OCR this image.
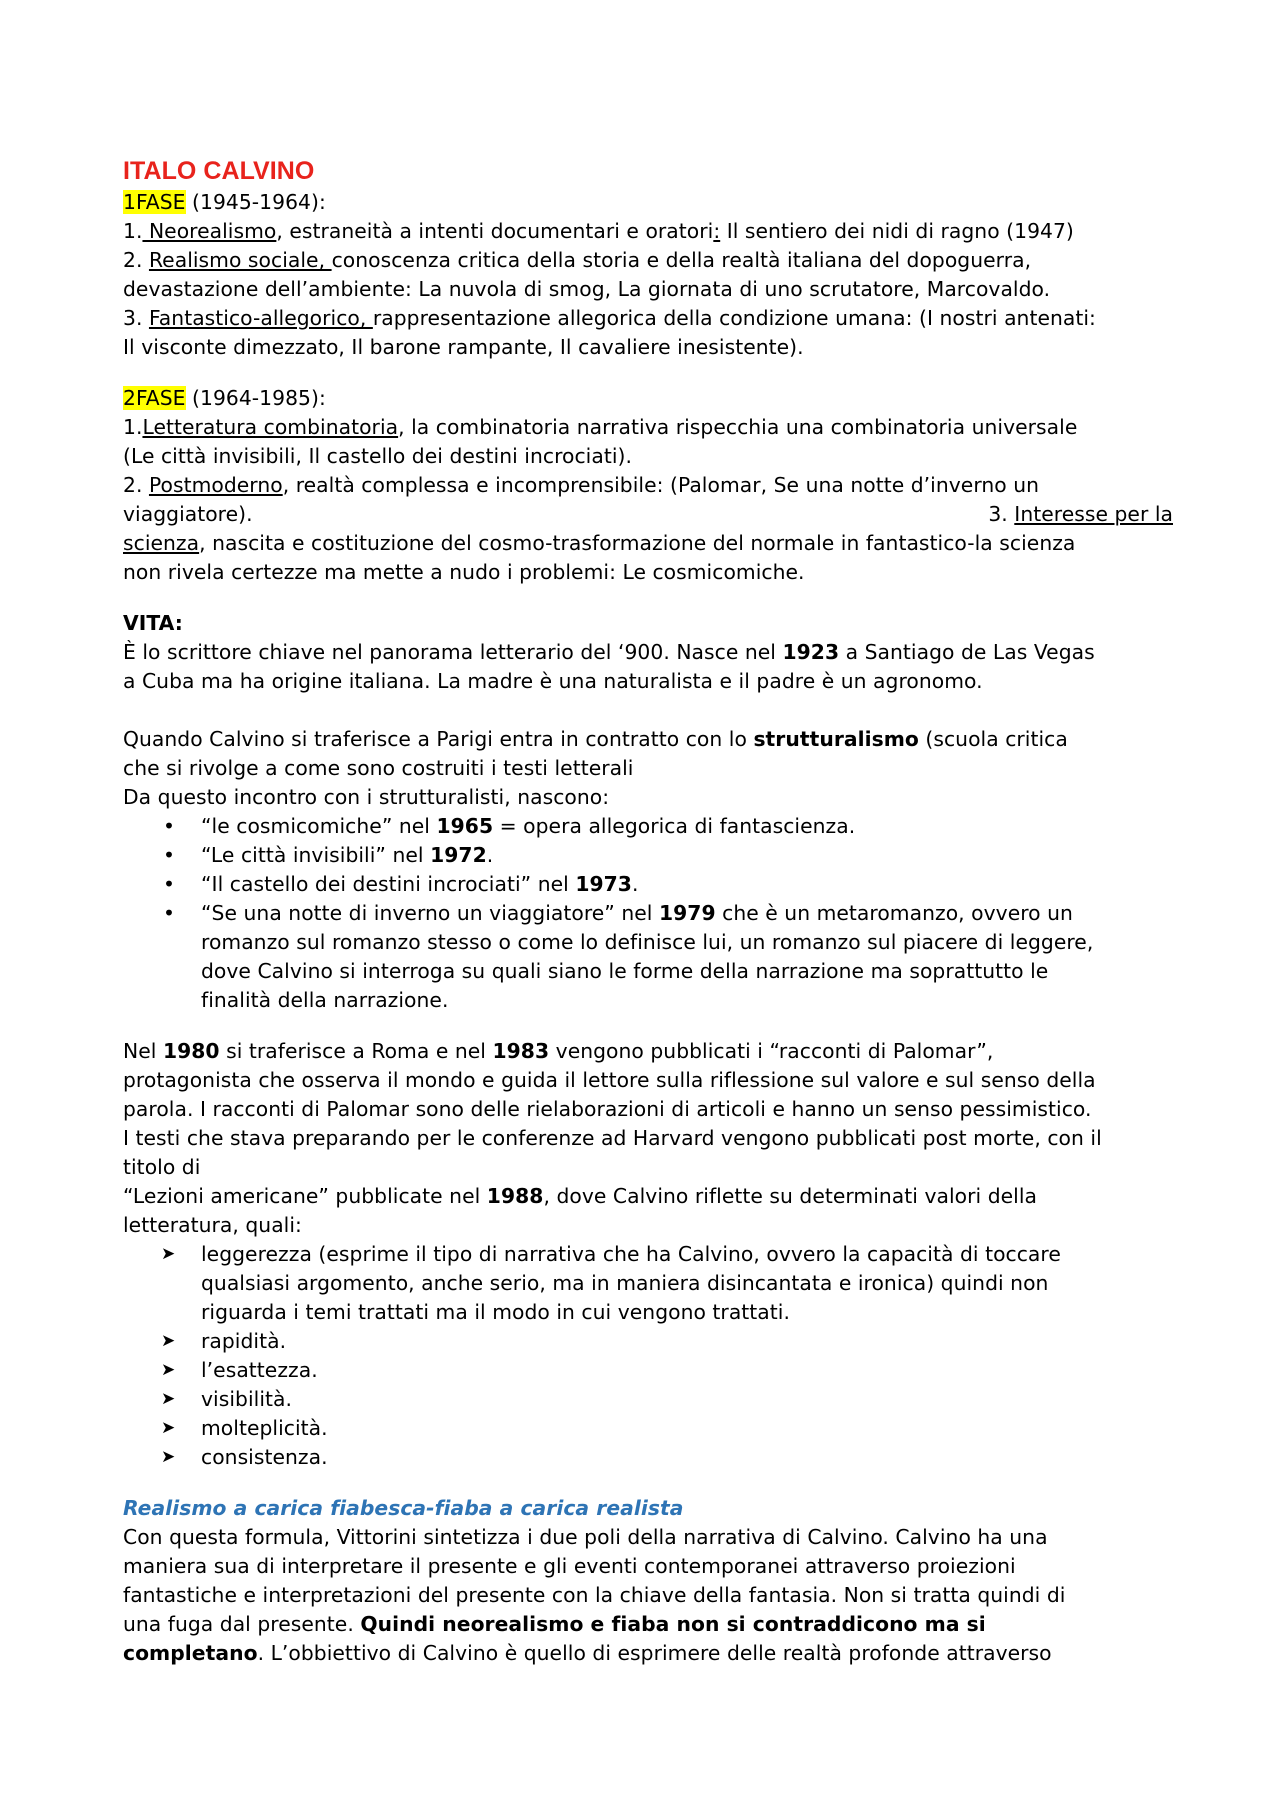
ITALO CALVINO

1FASE (1945-1964):

1. Neorealismo, estraneità a intenti documentari e oratori: Il sentiero dei nidi di ragno (1947)

2. Realismo sociale, conoscenza critica della storia e della realtà italiana del dopoguerra,
devastazione dell’ambiente: La nuvola di smog, La giornata di uno scrutatore, Marcovaldo.

3. Fantastico-allegorico, rappresentazione allegorica della condizione umana: (I nostri antenati:
Il visconte dimezzato, Il barone rampante, Il cavaliere inesistente).

2FASE (1964-1985):

1.Letteratura combinatoria, la combinatoria narrativa rispecchia una combinatoria universale
(Le città invisibili, Il castello dei destini incrociati).

2. Postmoderno, realtà complessa e incomprensibile: (Palomar, Se una notte d’inverno un

viaggiatore).	3. Interesse per la

scienza, nascita e costituzione del cosmo-trasformazione del normale in fantastico-la scienza
non rivela certezze ma mette a nudo i problemi: Le cosmicomiche.

VITA:

È lo scrittore chiave nel panorama letterario del ‘900. Nasce nel 1923 a Santiago de Las Vegas
a Cuba ma ha origine italiana. La madre è una naturalista e il padre è un agronomo.

Quando Calvino si traferisce a Parigi entra in contratto con lo strutturalismo (scuola critica
che si rivolge a come sono costruiti i testi letterali
Da questo incontro con i strutturalisti, nascono:

• “le cosmicomiche” nel 1965 = opera allegorica di fantascienza.
• “Le città invisibili” nel 1972.
• “Il castello dei destini incrociati” nel 1973.
• “Se una notte di inverno un viaggiatore” nel 1979 che è un metaromanzo, ovvero un
romanzo sul romanzo stesso o come lo definisce lui, un romanzo sul piacere di leggere,
dove Calvino si interroga su quali siano le forme della narrazione ma soprattutto le
finalità della narrazione.

Nel 1980 si traferisce a Roma e nel 1983 vengono pubblicati i “racconti di Palomar”,
protagonista che osserva il mondo e guida il lettore sulla riflessione sul valore e sul senso della
parola. I racconti di Palomar sono delle rielaborazioni di articoli e hanno un senso pessimistico.
I testi che stava preparando per le conferenze ad Harvard vengono pubblicati post morte, con il
titolo di

“Lezioni americane” pubblicate nel 1988, dove Calvino riflette su determinati valori della
letteratura, quali:

➤ leggerezza (esprime il tipo di narrativa che ha Calvino, ovvero la capacità di toccare
qualsiasi argomento, anche serio, ma in maniera disincantata e ironica) quindi non
riguarda i temi trattati ma il modo in cui vengono trattati.
➤ rapidità.
➤ l’esattezza.
➤ visibilità.
➤ molteplicità.
➤ consistenza.

Realismo a carica fiabesca-fiaba a carica realista

Con questa formula, Vittorini sintetizza i due poli della narrativa di Calvino. Calvino ha una
maniera sua di interpretare il presente e gli eventi contemporanei attraverso proiezioni
fantastiche e interpretazioni del presente con la chiave della fantasia. Non si tratta quindi di
una fuga dal presente. Quindi neorealismo e fiaba non si contraddicono ma si
completano. L’obbiettivo di Calvino è quello di esprimere delle realtà profonde attraverso
